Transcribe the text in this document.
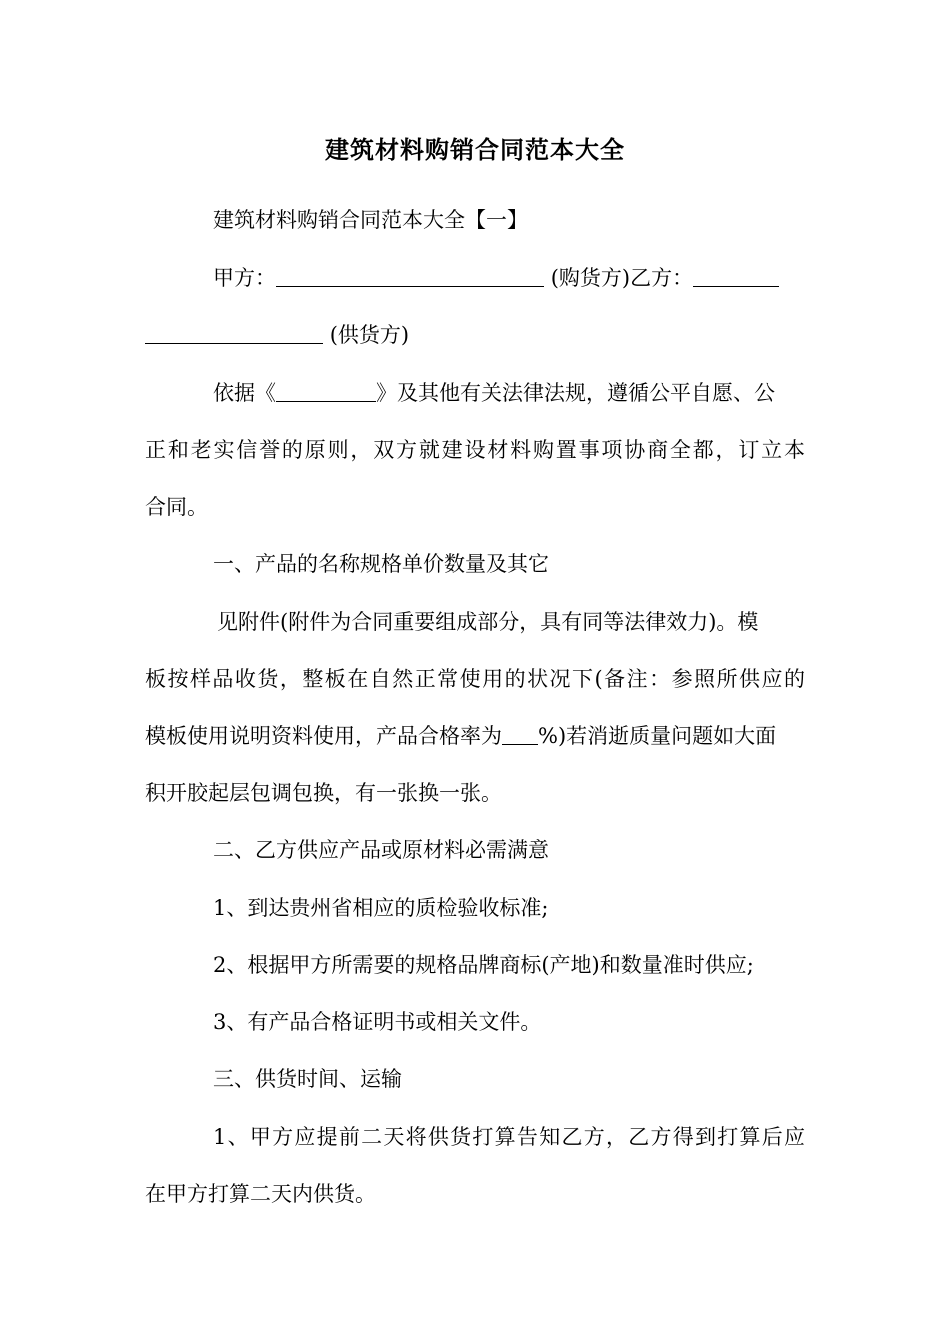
建筑材料购销合同范本大全
建筑材料购销合同范本大全【一】
甲方：	(购货方)乙方：
(供货方)
依据《	》及其他有关法律法规，遵循公平自愿、公
正和老实信誉的原则，双方就建设材料购置事项协商全都，订立本
合同。
一、产品的名称规格单价数量及其它
见附件(附件为合同重要组成部分，具有同等法律效力)。模
板按样品收货，整板在自然正常使用的状况下(备注：参照所供应的
模板使用说明资料使用，产品合格率为 %)若消逝质量问题如大面
积开胶起层包调包换，有一张换一张。
二、乙方供应产品或原材料必需满意
1、到达贵州省相应的质检验收标准;
2、根据甲方所需要的规格品牌商标(产地)和数量准时供应;
3、有产品合格证明书或相关文件。
三、供货时间、运输
1、甲方应提前二天将供货打算告知乙方，乙方得到打算后应
在甲方打算二天内供货。
